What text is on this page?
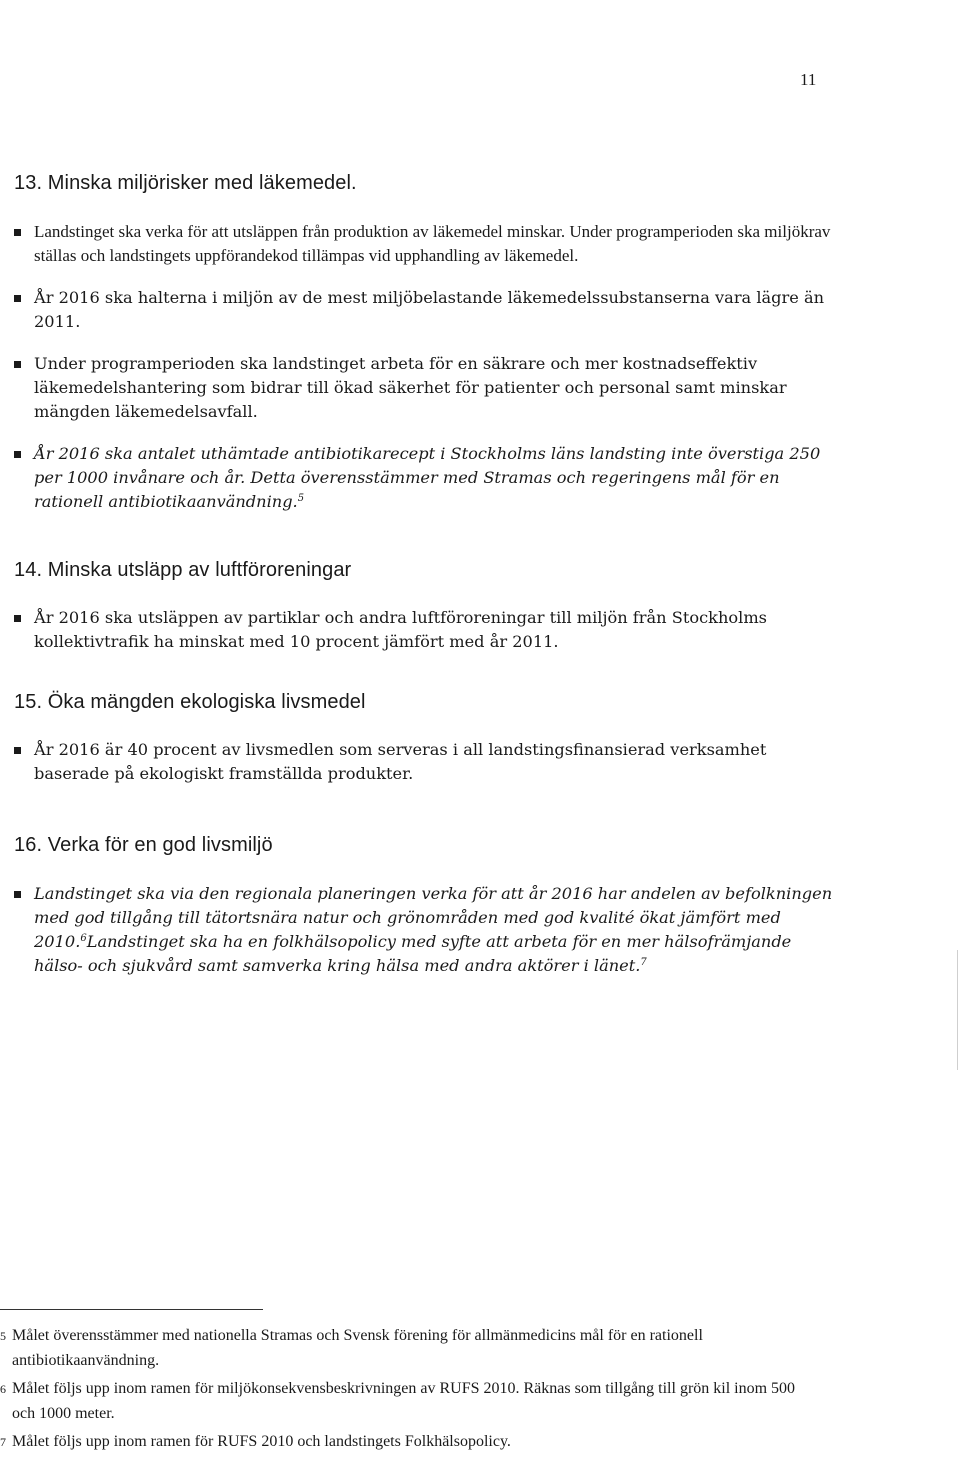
11
13. Minska miljörisker med läkemedel.
Landstinget ska verka för att utsläppen från produktion av läkemedel minskar. Under programperioden ska miljökrav ställas och landstingets uppförandekod tillämpas vid upphandling av läkemedel.
År 2016 ska halterna i miljön av de mest miljöbelastande läkemedelssubstanserna vara lägre än 2011.
Under programperioden ska landstinget arbeta för en säkrare och mer kostnadseffektiv läkemedelshantering som bidrar till ökad säkerhet för patienter och personal samt minskar mängden läkemedelsavfall.
År 2016 ska antalet uthämtade antibiotikarecept i Stockholms läns landsting inte överstiga 250 per 1000 invånare och år. Detta överensstämmer med Stramas och regeringens mål för en rationell antibiotikaanvändning.$^5$
14. Minska utsläpp av luftföroreningar
År 2016 ska utsläppen av partiklar och andra luftföroreningar till miljön från Stockholms kollektivtrafik ha minskat med 10 procent jämfört med år 2011.
15. Öka mängden ekologiska livsmedel
År 2016 är 40 procent av livsmedlen som serveras i all landstingsfinansierad verksamhet baserade på ekologiskt framställda produkter.
16. Verka för en god livsmiljö
Landstinget ska via den regionala planeringen verka för att år 2016 har andelen av befolkningen med god tillgång till tätortsnära natur och grönområden med god kvalité ökat jämfört med 2010.$^6$Landstinget ska ha en folkhälsopolicy med syfte att arbeta för en mer hälsofrämjande hälso- och sjukvård samt samverka kring hälsa med andra aktörer i länet.$^7$
5 Målet överensstämmer med nationella Stramas och Svensk förening för allmänmedicins mål för en rationell antibiotikaanvändning.
6 Målet följs upp inom ramen för miljökonsekvensbeskrivningen av RUFS 2010. Räknas som tillgång till grön kil inom 500 och 1000 meter.
7 Målet följs upp inom ramen för RUFS 2010 och landstingets Folkhälsopolicy.
